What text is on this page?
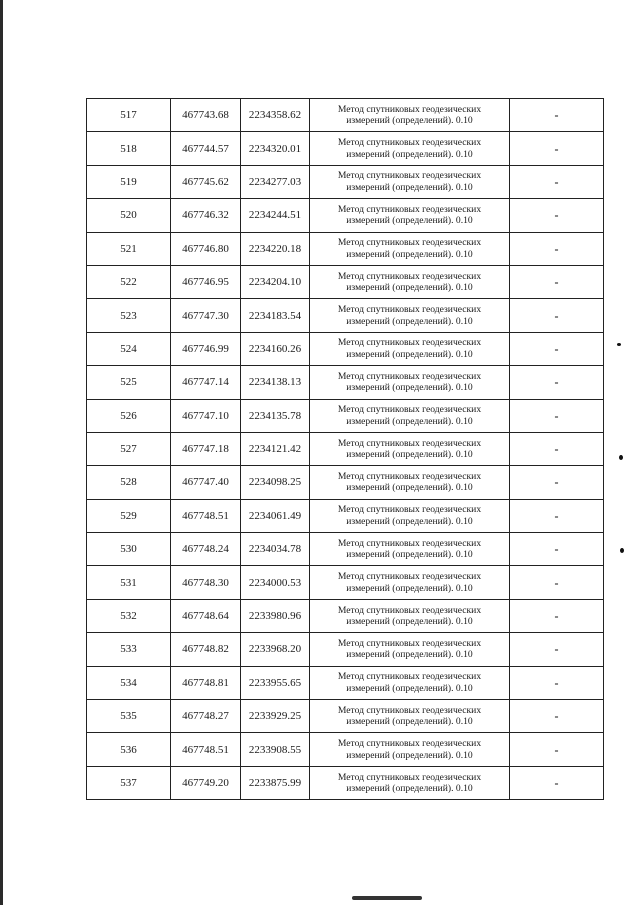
517	467743.68	2234358.62	Метод спутниковых геодезических
измерений (определений). 0.10	-
518	467744.57	2234320.01	Метод спутниковых геодезических
измерений (определений). 0.10	-
519	467745.62	2234277.03	Метод спутниковых геодезических
измерений (определений). 0.10	-
520	467746.32	2234244.51	Метод спутниковых геодезических
измерений (определений). 0.10	-
521	467746.80	2234220.18	Метод спутниковых геодезических
измерений (определений). 0.10	-
522	467746.95	2234204.10	Метод спутниковых геодезических
измерений (определений). 0.10	-
523	467747.30	2234183.54	Метод спутниковых геодезических
измерений (определений). 0.10	-
524	467746.99	2234160.26	Метод спутниковых геодезических
измерений (определений). 0.10	-
525	467747.14	2234138.13	Метод спутниковых геодезических
измерений (определений). 0.10	-
526	467747.10	2234135.78	Метод спутниковых геодезических
измерений (определений). 0.10	-
527	467747.18	2234121.42	Метод спутниковых геодезических
измерений (определений). 0.10	-
528	467747.40	2234098.25	Метод спутниковых геодезических
измерений (определений). 0.10	-
529	467748.51	2234061.49	Метод спутниковых геодезических
измерений (определений). 0.10	-
530	467748.24	2234034.78	Метод спутниковых геодезических
измерений (определений). 0.10	-
531	467748.30	2234000.53	Метод спутниковых геодезических
измерений (определений). 0.10	-
532	467748.64	2233980.96	Метод спутниковых геодезических
измерений (определений). 0.10	-
533	467748.82	2233968.20	Метод спутниковых геодезических
измерений (определений). 0.10	-
534	467748.81	2233955.65	Метод спутниковых геодезических
измерений (определений). 0.10	-
535	467748.27	2233929.25	Метод спутниковых геодезических
измерений (определений). 0.10	-
536	467748.51	2233908.55	Метод спутниковых геодезических
измерений (определений). 0.10	-
537	467749.20	2233875.99	Метод спутниковых геодезических
измерений (определений). 0.10	-
